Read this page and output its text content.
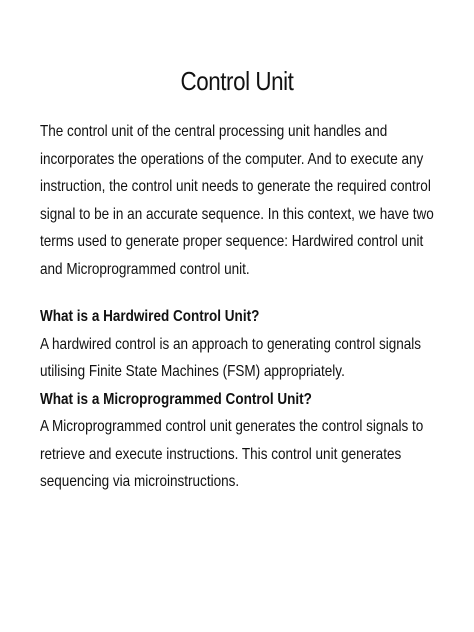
Control Unit
The control unit of the central processing unit handles and
incorporates the operations of the computer. And to execute any
instruction, the control unit needs to generate the required control
signal to be in an accurate sequence. In this context, we have two
terms used to generate proper sequence: Hardwired control unit
and Microprogrammed control unit.
What is a Hardwired Control Unit?
A hardwired control is an approach to generating control signals
utilising Finite State Machines (FSM) appropriately.
What is a Microprogrammed Control Unit?
A Microprogrammed control unit generates the control signals to
retrieve and execute instructions. This control unit generates
sequencing via microinstructions.
